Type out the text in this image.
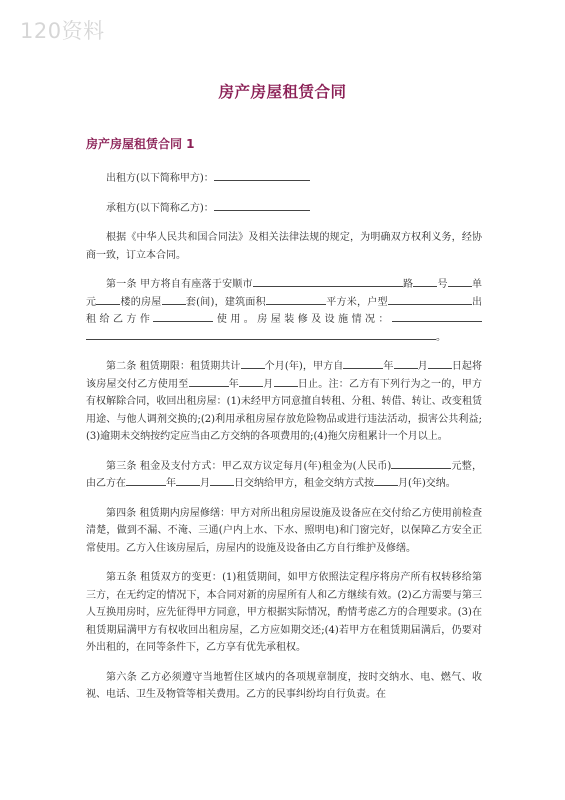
120资料
房产房屋租赁合同
房产房屋租赁合同 1

出租方(以下简称甲方)：

承租方(以下简称乙方)：

根据《中华人民共和国合同法》及相关法律法规的规定，为明确双方权利义务，经协商一致，订立本合同。

第一条 甲方将自有座落于安顺市	路 号 单元 楼的房屋 套(间)，建筑面积	平方米，户型	出租给乙方作	使用。房屋装修及设施情况：。

第二条 租赁期限：租赁期共计 个月(年)，甲方自	年 月 日起将该房屋交付乙方使用至	年 月 日止。注：乙方有下列行为之一的，甲方有权解除合同，收回出租房屋：(1)未经甲方同意擅自转租、分租、转借、转让、改变租赁用途、与他人调剂交换的;(2)利用承租房屋存放危险物品或进行违法活动，损害公共利益;(3)逾期未交纳按约定应当由乙方交纳的各项费用的;(4)拖欠房租累计一个月以上。

第三条 租金及支付方式：甲乙双方议定每月(年)租金为(人民币)	元整，由乙方在	年 月 日交纳给甲方，租金交纳方式按 月(年)交纳。

第四条 租赁期内房屋修缮：甲方对所出租房屋设施及设备应在交付给乙方使用前检查清楚，做到不漏、不淹、三通(户内上水、下水、照明电)和门窗完好，以保障乙方安全正常使用。乙方入住该房屋后，房屋内的设施及设备由乙方自行维护及修缮。

第五条 租赁双方的变更：(1)租赁期间，如甲方依照法定程序将房产所有权转移给第三方，在无约定的情况下，本合同对新的房屋所有人和乙方继续有效。(2)乙方需要与第三人互换用房时，应先征得甲方同意，甲方根据实际情况，酌情考虑乙方的合理要求。(3)在租赁期届满甲方有权收回出租房屋，乙方应如期交还;(4)若甲方在租赁期届满后，仍要对外出租的，在同等条件下，乙方享有优先承租权。

第六条 乙方必须遵守当地暂住区域内的各项规章制度，按时交纳水、电、燃气、收视、电话、卫生及物管等相关费用。乙方的民事纠纷均自行负责。在
